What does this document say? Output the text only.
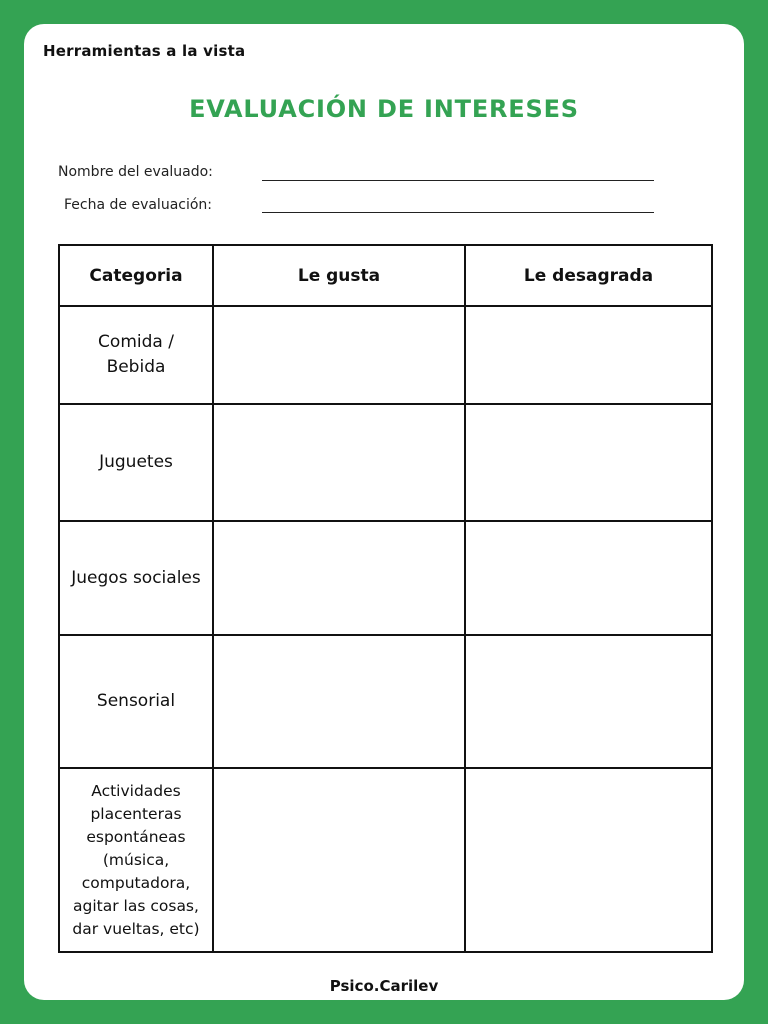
Herramientas a la vista
EVALUACIÓN DE INTERESES
Nombre del evaluado:
Fecha de evaluación:
Categoria	Le gusta	Le desagrada
Comida / Bebida		
Juguetes		
Juegos sociales		
Sensorial		
Actividades placenteras espontáneas (música, computadora, agitar las cosas, dar vueltas, etc)		
Psico.Carilev
